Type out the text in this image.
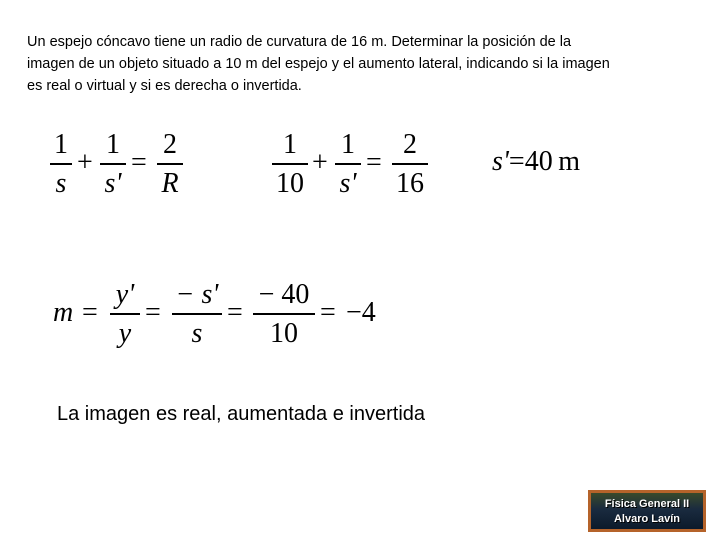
Un espejo cóncavo tiene un radio de curvatura de 16 m. Determinar la posición de la
imagen de un objeto situado a 10 m del espejo y el aumento lateral, indicando si la imagen
es real o virtual y si es derecha o invertida.
1
s
+
1
s'
=
2
R
1
10
+
1
s'
=
2
16
s'=40  m
m =
y'
y
=
− s'
s
=
− 40
10
= −4
La imagen es real, aumentada e invertida
Física General II
Alvaro Lavín
